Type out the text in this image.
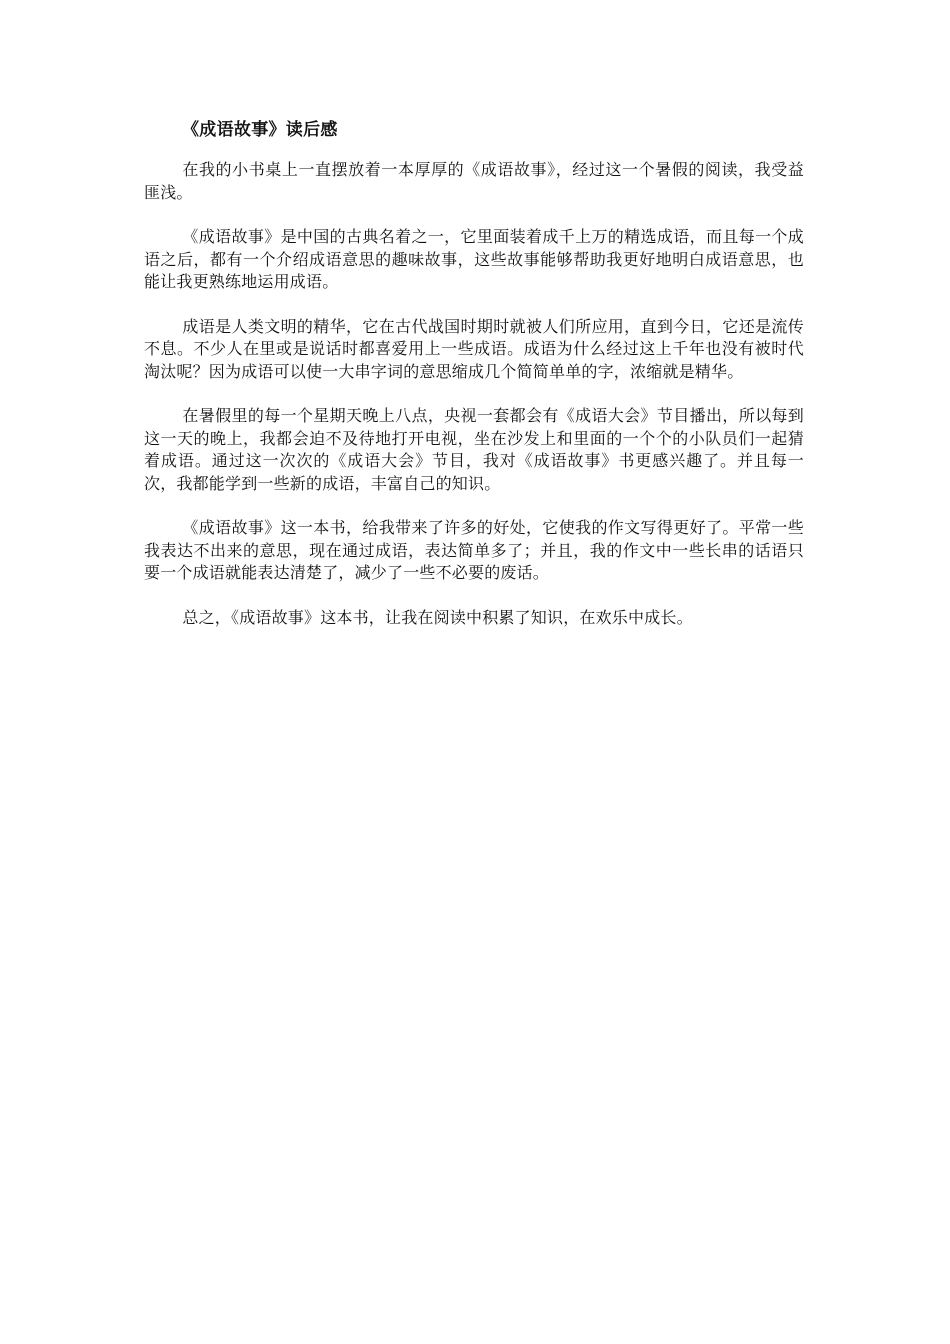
《成语故事》读后感

在我的小书桌上一直摆放着一本厚厚的《成语故事》，经过这一个暑假的阅读，我受益匪浅。

《成语故事》是中国的古典名着之一，它里面装着成千上万的精选成语，而且每一个成语之后，都有一个介绍成语意思的趣味故事，这些故事能够帮助我更好地明白成语意思，也能让我更熟练地运用成语。

成语是人类文明的精华，它在古代战国时期时就被人们所应用，直到今日，它还是流传不息。不少人在里或是说话时都喜爱用上一些成语。成语为什么经过这上千年也没有被时代淘汰呢？因为成语可以使一大串字词的意思缩成几个简简单单的字，浓缩就是精华。

在暑假里的每一个星期天晚上八点，央视一套都会有《成语大会》节目播出，所以每到这一天的晚上，我都会迫不及待地打开电视，坐在沙发上和里面的一个个的小队员们一起猜着成语。通过这一次次的《成语大会》节目，我对《成语故事》书更感兴趣了。并且每一次，我都能学到一些新的成语，丰富自己的知识。

《成语故事》这一本书，给我带来了许多的好处，它使我的作文写得更好了。平常一些我表达不出来的意思，现在通过成语，表达简单多了；并且，我的作文中一些长串的话语只要一个成语就能表达清楚了，减少了一些不必要的废话。

总之，《成语故事》这本书，让我在阅读中积累了知识，在欢乐中成长。
